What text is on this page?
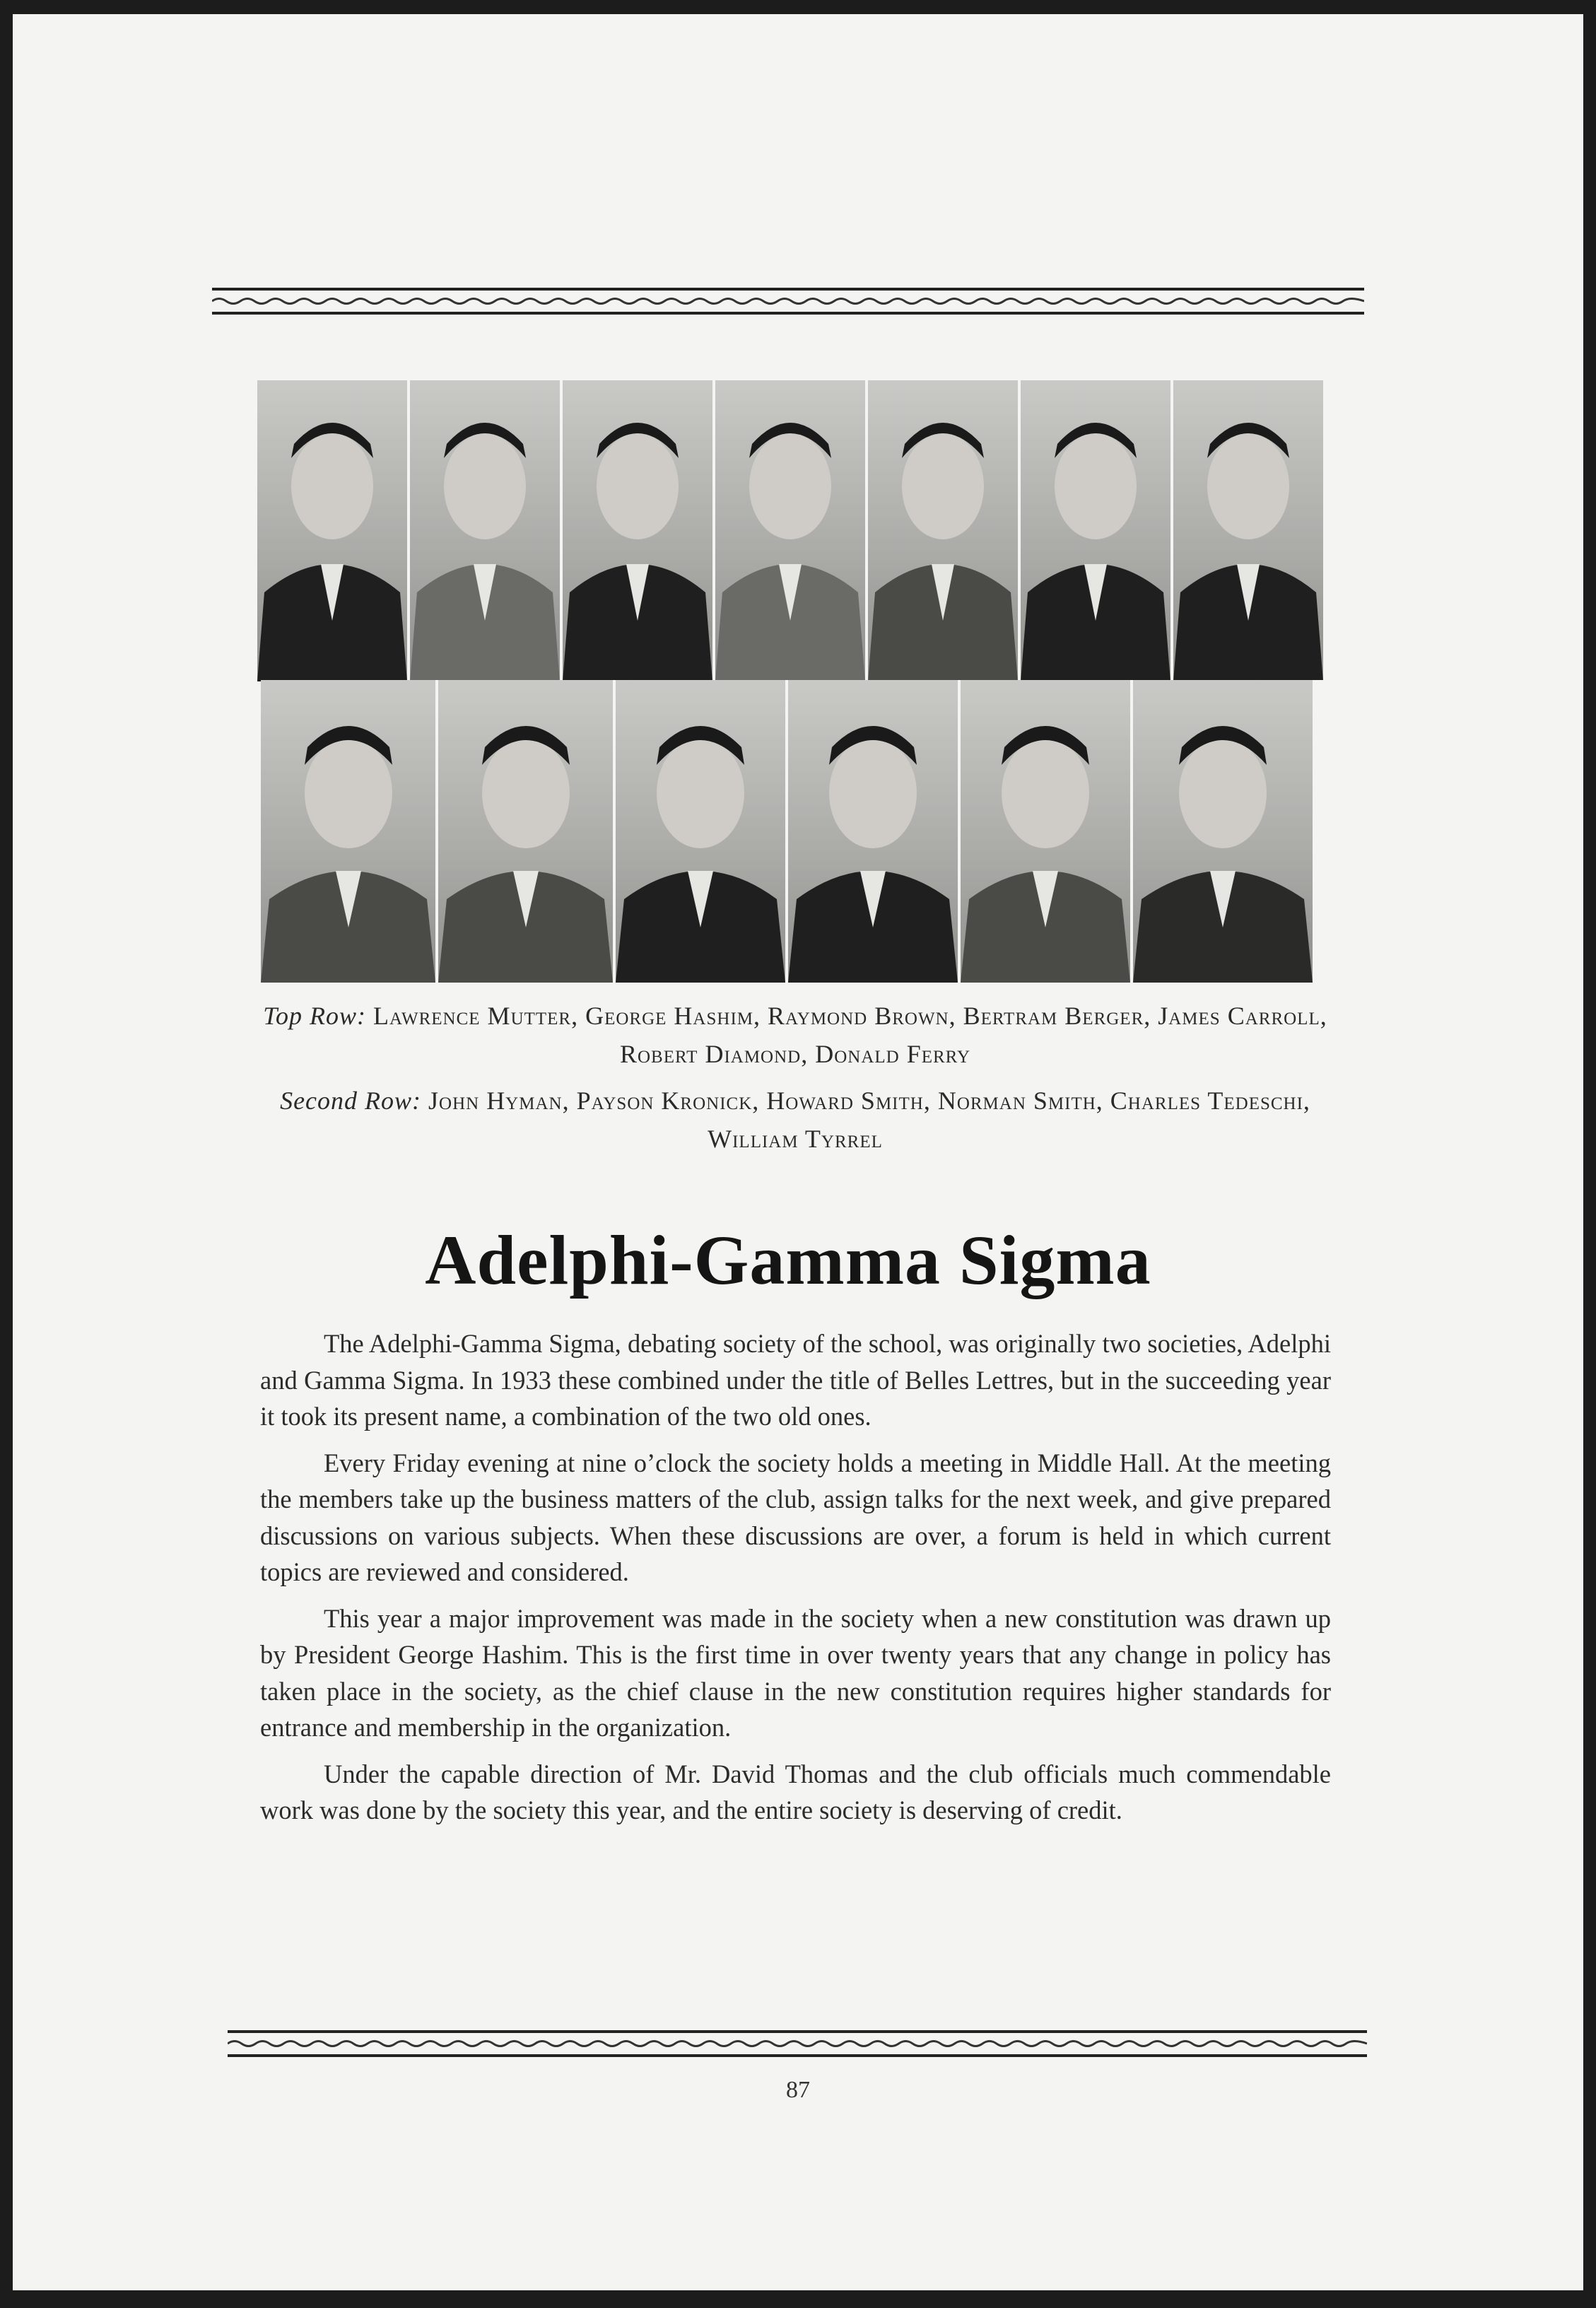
Top Row: Lawrence Mutter, George Hashim, Raymond Brown, Bertram Berger, James Carroll, Robert Diamond, Donald Ferry
Second Row: John Hyman, Payson Kronick, Howard Smith, Norman Smith, Charles Tedeschi, William Tyrrel
Adelphi-Gamma Sigma

The Adelphi-Gamma Sigma, debating society of the school, was originally two societies, Adelphi and Gamma Sigma. In 1933 these combined under the title of Belles Lettres, but in the succeeding year it took its present name, a combination of the two old ones.

Every Friday evening at nine o’clock the society holds a meeting in Middle Hall. At the meeting the members take up the business matters of the club, assign talks for the next week, and give prepared discussions on various subjects. When these discussions are over, a forum is held in which current topics are reviewed and considered.

This year a major improvement was made in the society when a new constitution was drawn up by President George Hashim. This is the first time in over twenty years that any change in policy has taken place in the society, as the chief clause in the new constitution requires higher standards for entrance and membership in the organization.

Under the capable direction of Mr. David Thomas and the club officials much commendable work was done by the society this year, and the entire society is deserving of credit.

87
